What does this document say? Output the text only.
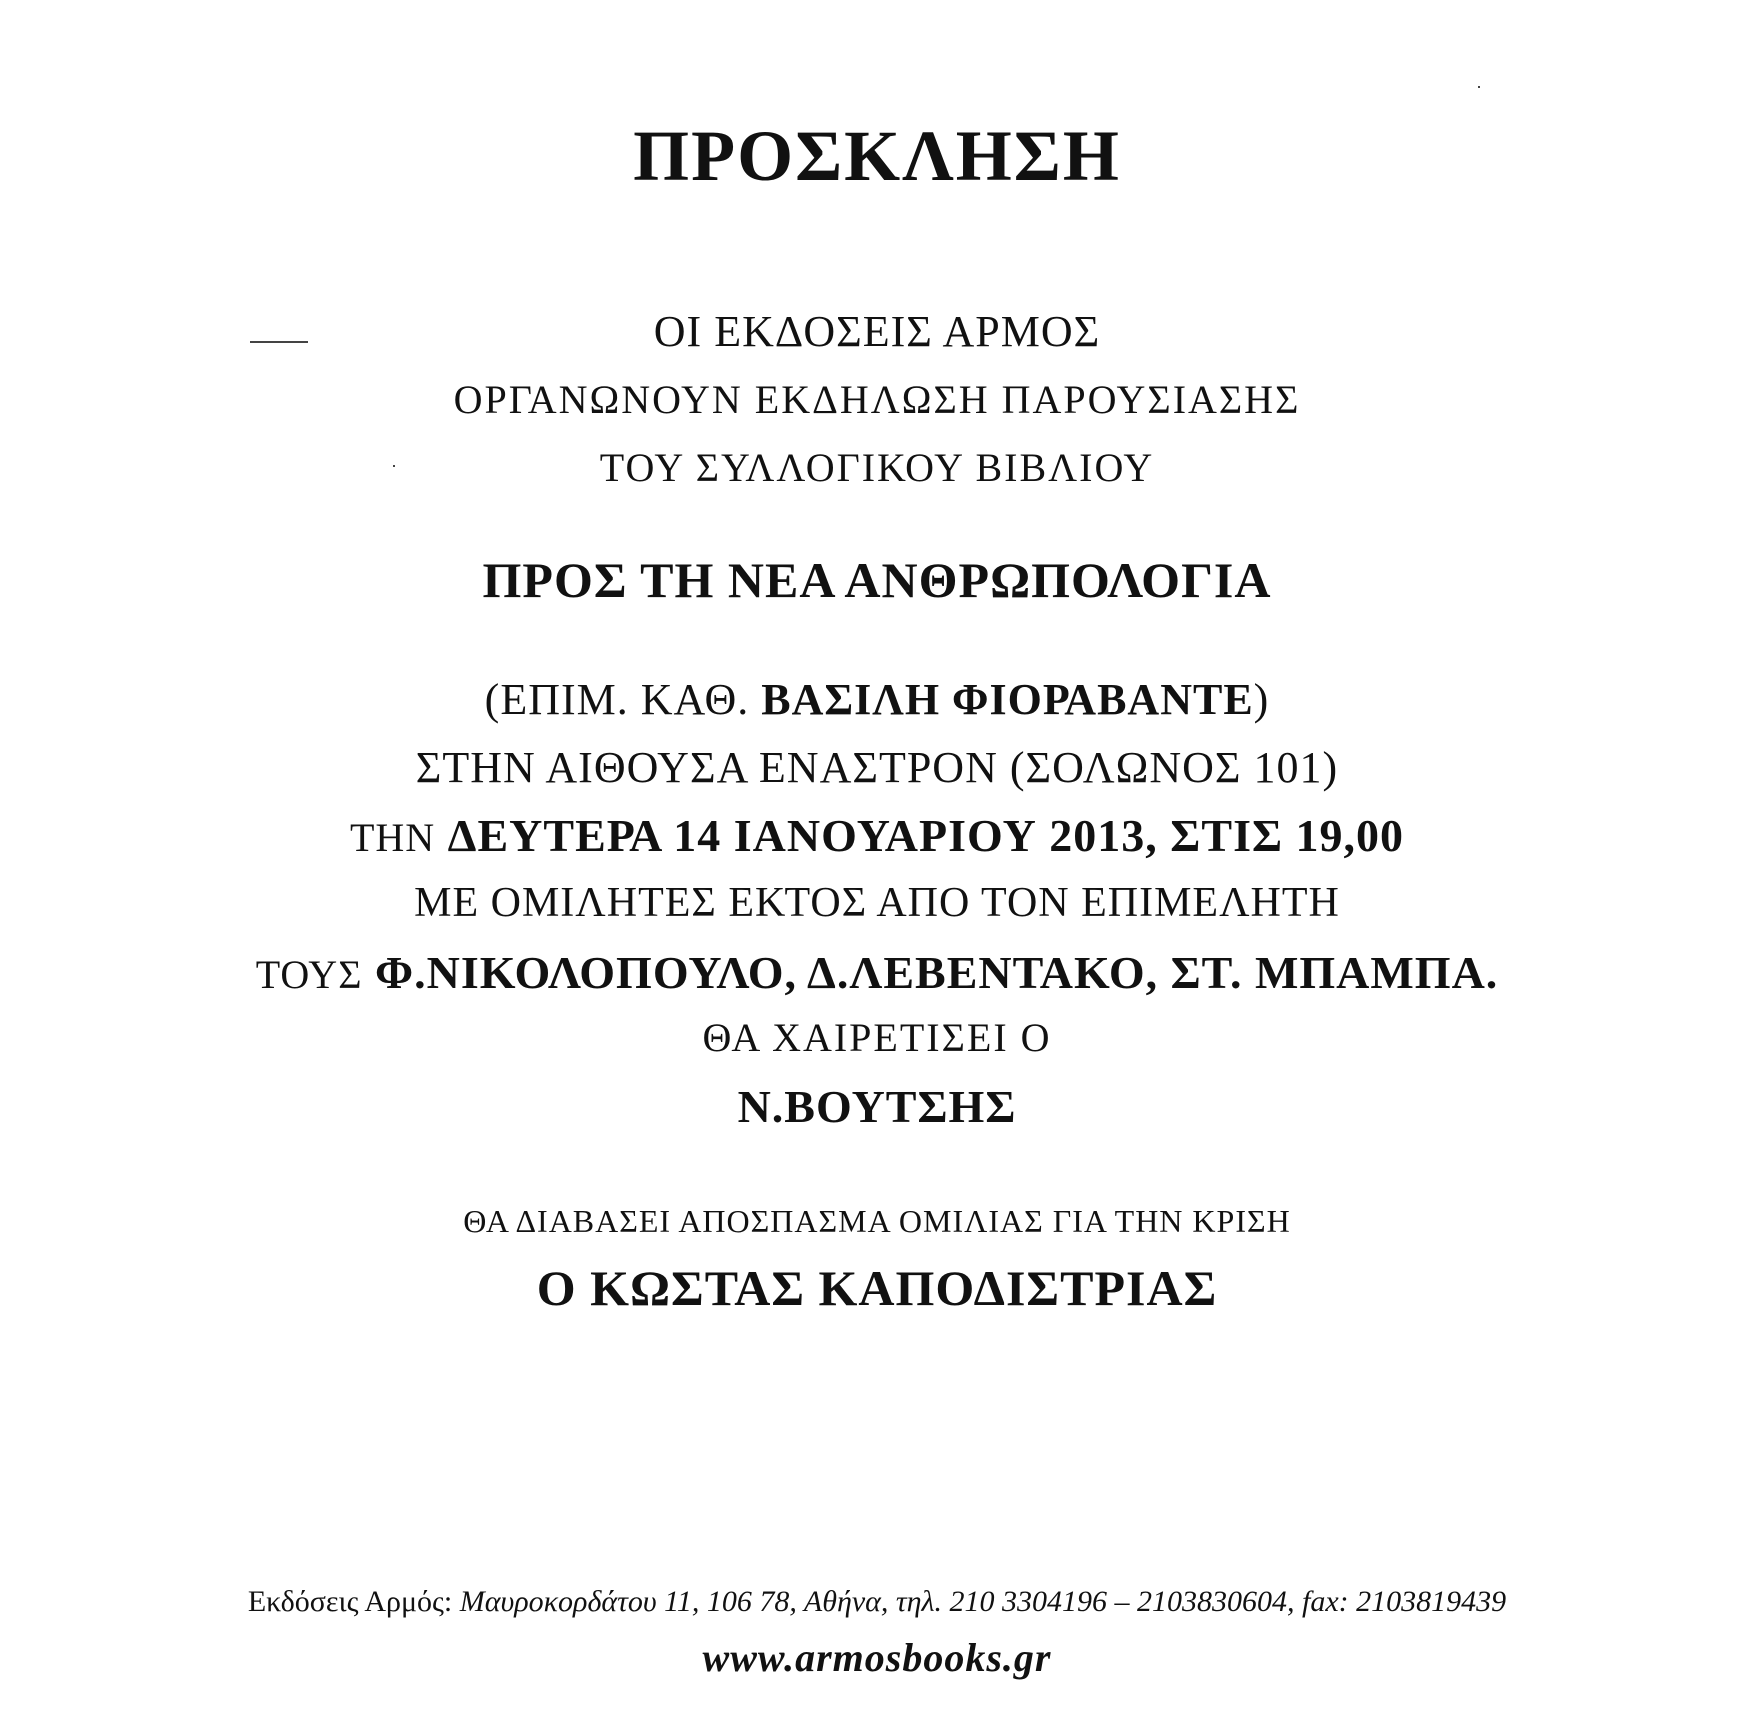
ΠΡΟΣΚΛΗΣΗ
ΟΙ ΕΚΔΟΣΕΙΣ ΑΡΜΟΣ
ΟΡΓΑΝΩΝΟΥΝ ΕΚΔΗΛΩΣΗ ΠΑΡΟΥΣΙΑΣΗΣ
ΤΟΥ ΣΥΛΛΟΓΙΚΟΥ ΒΙΒΛΙΟΥ
ΠΡΟΣ ΤΗ ΝΕΑ ΑΝΘΡΩΠΟΛΟΓΙΑ
(ΕΠΙΜ. ΚΑΘ. ΒΑΣΙΛΗ ΦΙΟΡΑΒΑΝΤΕ)
ΣΤΗΝ ΑΙΘΟΥΣΑ ΕΝΑΣΤΡΟΝ (ΣΟΛΩΝΟΣ 101)
ΤΗΝ ΔΕΥΤΕΡΑ 14 ΙΑΝΟΥΑΡΙΟΥ 2013, ΣΤΙΣ 19,00
ΜΕ ΟΜΙΛΗΤΕΣ ΕΚΤΟΣ ΑΠΟ ΤΟΝ ΕΠΙΜΕΛΗΤΗ
ΤΟΥΣ Φ.ΝΙΚΟΛΟΠΟΥΛΟ, Δ.ΛΕΒΕΝΤΑΚΟ, ΣΤ. ΜΠΑΜΠΑ.
ΘΑ ΧΑΙΡΕΤΙΣΕΙ Ο
Ν.ΒΟΥΤΣΗΣ
ΘΑ ΔΙΑΒΑΣΕΙ ΑΠΟΣΠΑΣΜΑ ΟΜΙΛΙΑΣ ΓΙΑ ΤΗΝ ΚΡΙΣΗ
Ο ΚΩΣΤΑΣ ΚΑΠΟΔΙΣΤΡΙΑΣ
Εκδόσεις Αρμός: Μαυροκορδάτου 11, 106 78, Αθήνα, τηλ. 210 3304196 – 2103830604, fax: 2103819439
www.armosbooks.gr
